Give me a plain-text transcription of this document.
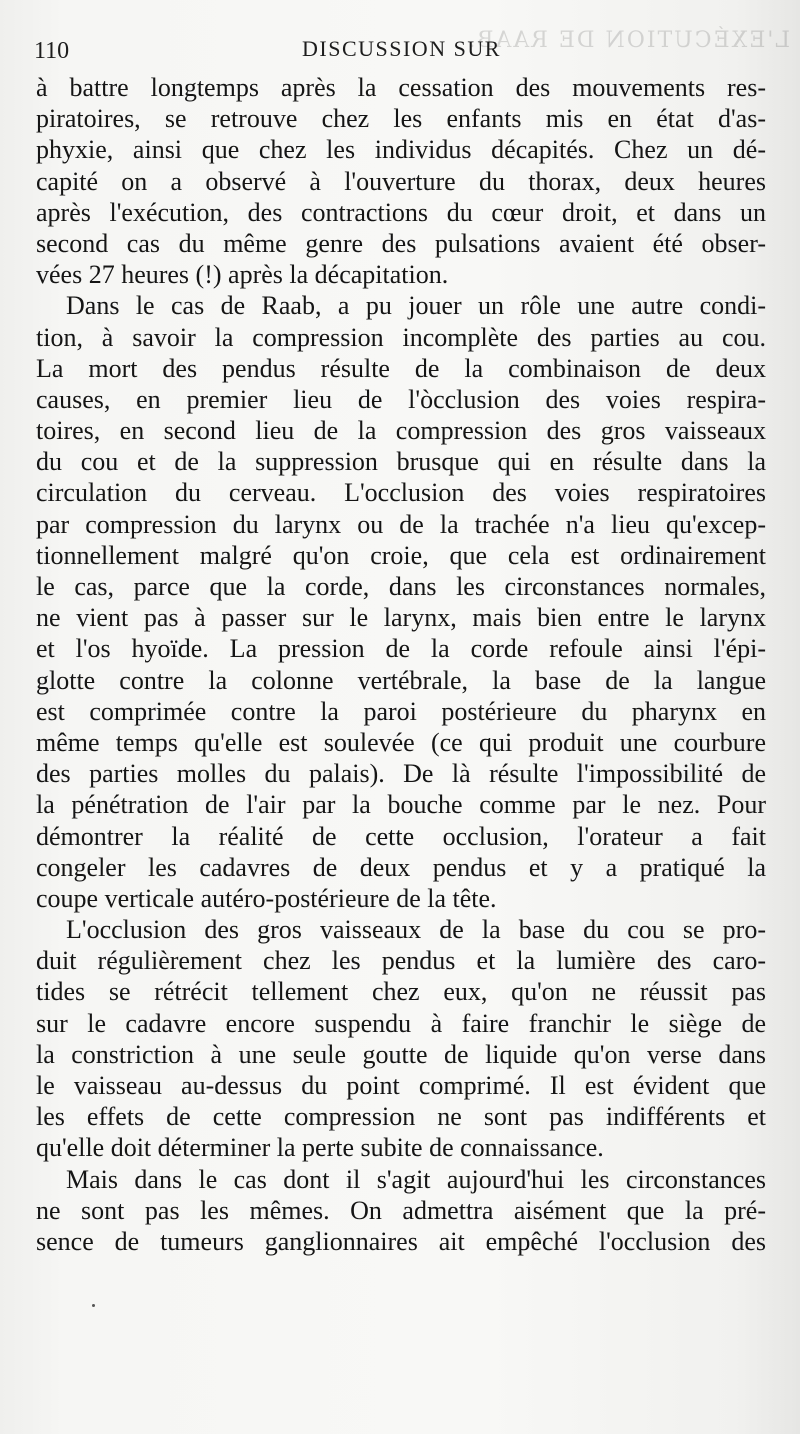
L'EXÉCUTION DE RAAB.
110	DISCUSSION SUR
à battre longtemps après la cessation des mouvements res-
piratoires, se retrouve chez les enfants mis en état d'as-
phyxie, ainsi que chez les individus décapités. Chez un dé-
capité on a observé à l'ouverture du thorax, deux heures
après l'exécution, des contractions du cœur droit, et dans un
second cas du même genre des pulsations avaient été obser-
vées 27 heures (!) après la décapitation.
Dans le cas de Raab, a pu jouer un rôle une autre condi-
tion, à savoir la compression incomplète des parties au cou.
La mort des pendus résulte de la combinaison de deux
causes, en premier lieu de l'òcclusion des voies respira-
toires, en second lieu de la compression des gros vaisseaux
du cou et de la suppression brusque qui en résulte dans la
circulation du cerveau. L'occlusion des voies respiratoires
par compression du larynx ou de la trachée n'a lieu qu'excep-
tionnellement malgré qu'on croie, que cela est ordinairement
le cas, parce que la corde, dans les circonstances normales,
ne vient pas à passer sur le larynx, mais bien entre le larynx
et l'os hyoïde. La pression de la corde refoule ainsi l'épi-
glotte contre la colonne vertébrale, la base de la langue
est comprimée contre la paroi postérieure du pharynx en
même temps qu'elle est soulevée (ce qui produit une courbure
des parties molles du palais). De là résulte l'impossibilité de
la pénétration de l'air par la bouche comme par le nez. Pour
démontrer la réalité de cette occlusion, l'orateur a fait
congeler les cadavres de deux pendus et y a pratiqué la
coupe verticale autéro-postérieure de la tête.
L'occlusion des gros vaisseaux de la base du cou se pro-
duit régulièrement chez les pendus et la lumière des caro-
tides se rétrécit tellement chez eux, qu'on ne réussit pas
sur le cadavre encore suspendu à faire franchir le siège de
la constriction à une seule goutte de liquide qu'on verse dans
le vaisseau au-dessus du point comprimé. Il est évident que
les effets de cette compression ne sont pas indifférents et
qu'elle doit déterminer la perte subite de connaissance.
Mais dans le cas dont il s'agit aujourd'hui les circonstances
ne sont pas les mêmes. On admettra aisément que la pré-
sence de tumeurs ganglionnaires ait empêché l'occlusion des
